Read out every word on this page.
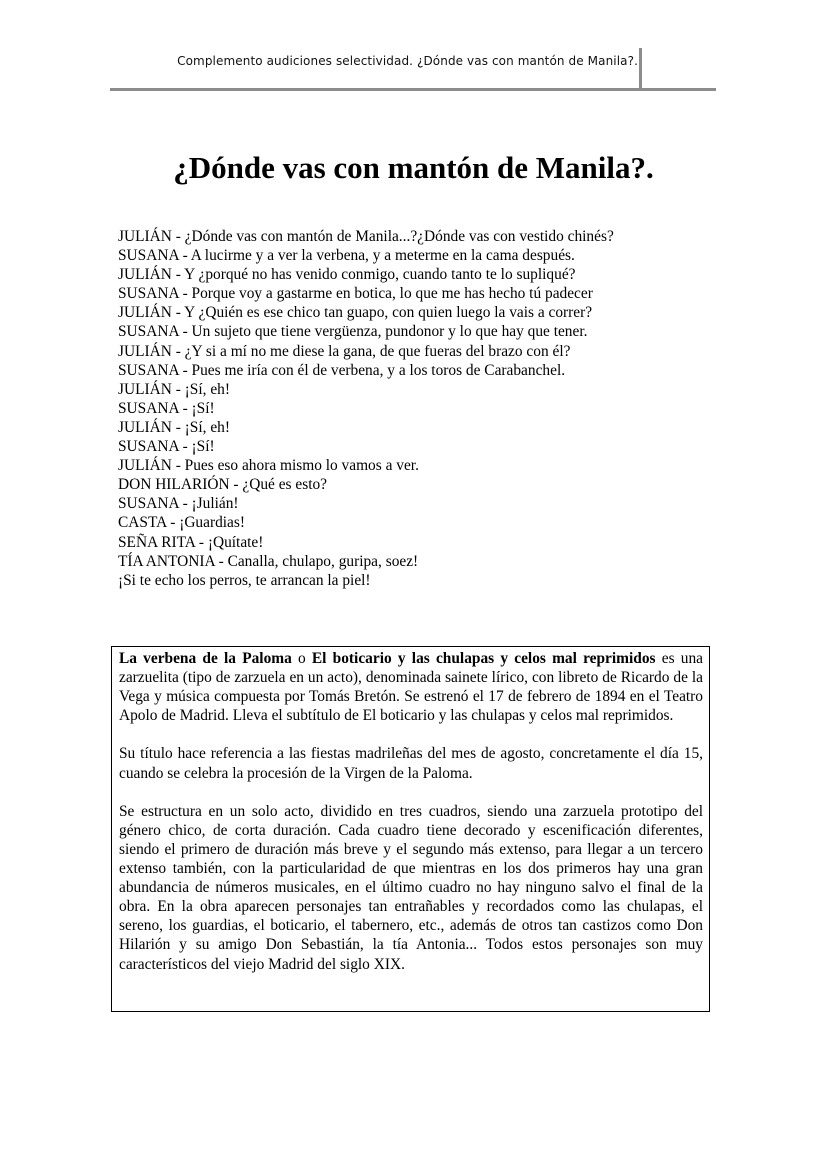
Complemento audiciones selectividad. ¿Dónde vas con mantón de Manila?.
¿Dónde vas con mantón de Manila?.
JULIÁN - ¿Dónde vas con mantón de Manila...?¿Dónde vas con vestido chinés?
SUSANA - A lucirme y a ver la verbena, y a meterme en la cama después.
JULIÁN - Y ¿porqué no has venido conmigo, cuando tanto te lo supliqué?
SUSANA - Porque voy a gastarme en botica, lo que me has hecho tú padecer
JULIÁN - Y ¿Quién es ese chico tan guapo, con quien luego la vais a correr?
SUSANA - Un sujeto que tiene vergüenza, pundonor y lo que hay que tener.
JULIÁN - ¿Y si a mí no me diese la gana, de que fueras del brazo con él?
SUSANA - Pues me iría con él de verbena, y a los toros de Carabanchel.
JULIÁN - ¡Sí, eh!
SUSANA - ¡Sí!
JULIÁN - ¡Sí, eh!
SUSANA - ¡Sí!
JULIÁN - Pues eso ahora mismo lo vamos a ver.
DON HILARIÓN - ¿Qué es esto?
SUSANA - ¡Julián!
CASTA - ¡Guardias!
SEÑA RITA - ¡Quítate!
TÍA ANTONIA - Canalla, chulapo, guripa, soez!
¡Si te echo los perros, te arrancan la piel!

La verbena de la Paloma o El boticario y las chulapas y celos mal reprimidos es una zarzuelita (tipo de zarzuela en un acto), denominada sainete lírico, con libreto de Ricardo de la Vega y música compuesta por Tomás Bretón. Se estrenó el 17 de febrero de 1894 en el Teatro Apolo de Madrid. Lleva el subtítulo de El boticario y las chulapas y celos mal reprimidos.

Su título hace referencia a las fiestas madrileñas del mes de agosto, concretamente el día 15, cuando se celebra la procesión de la Virgen de la Paloma.

Se estructura en un solo acto, dividido en tres cuadros, siendo una zarzuela prototipo del género chico, de corta duración. Cada cuadro tiene decorado y escenificación diferentes, siendo el primero de duración más breve y el segundo más extenso, para llegar a un tercero extenso también, con la particularidad de que mientras en los dos primeros hay una gran abundancia de números musicales, en el último cuadro no hay ninguno salvo el final de la obra. En la obra aparecen personajes tan entrañables y recordados como las chulapas, el sereno, los guardias, el boticario, el tabernero, etc., además de otros tan castizos como Don Hilarión y su amigo Don Sebastián, la tía Antonia... Todos estos personajes son muy característicos del viejo Madrid del siglo XIX.
